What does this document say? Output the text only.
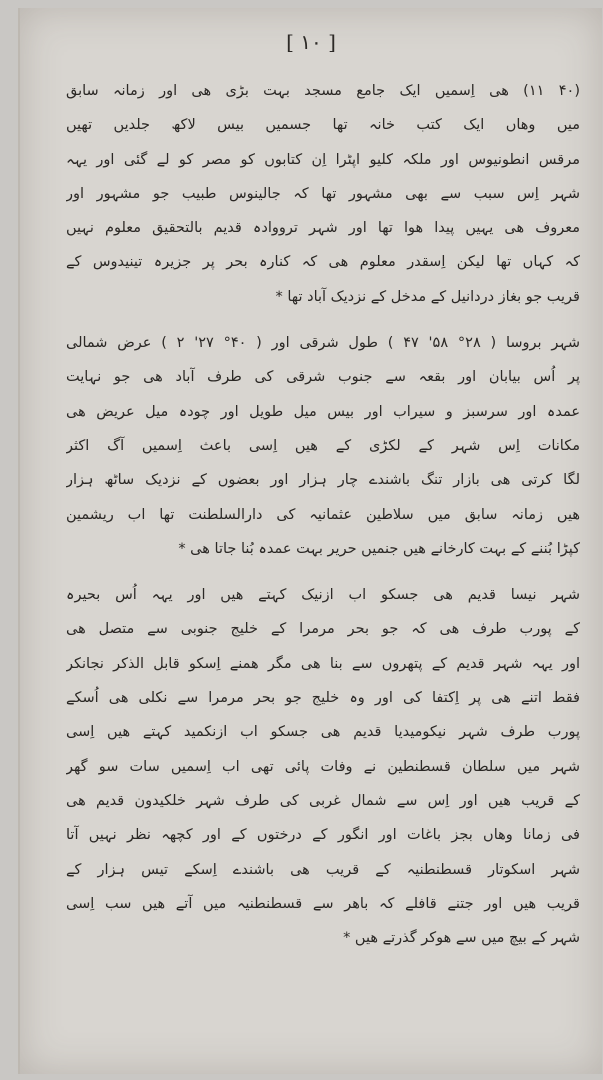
[ ۱۰ ]
(۴۰ ۱۱) ھی اِسمیں ایک جامع مسجد بہت بڑی ھی اور زمانہ سابق
میں وھاں ایک کتب خانہ تھا جسمیں بیس لاکھ جلدیں تھیں
مرقس انطونیوس اور ملکہ کلیو اپٹرا اِن کتابوں کو مصر کو لے گئی اور یہہ
شہر اِس سبب سے بھی مشہور تھا کہ جالینوس طبیب جو مشہور اور
معروف ھی یہیں پیدا ھوا تھا اور شہر ترووادہ قدیم بالتحقیق معلوم نہیں
کہ کہاں تھا لیکن اِسقدر معلوم ھی کہ کنارہ بحر پر جزیرہ تینیدوس کے
قریب جو بغاز دردانیل کے مدخل کے نزدیک آباد تھا *
شہر بروسا ( ۲۸° ۵۸' ۴۷ ) طول شرقی اور ( ۴۰° ۲۷' ۲ ) عرض شمالی
پر اُس بیابان اور بقعہ سے جنوب شرقی کی طرف آباد ھی جو نہایت
عمدہ اور سرسبز و سیراب اور بیس میل طویل اور چودہ میل عریض ھی
مکانات اِس شہر کے لکڑی کے ھیں اِسی باعث اِسمیں آگ اکثر
لگا کرتی ھی بازار تنگ باشندے چار ہزار اور بعضوں کے نزدیک ساٹھ ہزار
ھیں زمانہ سابق میں سلاطین عثمانیہ کی دارالسلطنت تھا اب ریشمین
کپڑا بُننے کے بہت کارخانے ھیں جنمیں حریر بہت عمدہ بُنا جاتا ھی *
شہر نیسا قدیم ھی جسکو اب ازنیک کہتے ھیں اور یہہ اُس بحیرہ
کے پورب طرف ھی کہ جو بحر مرمرا کے خلیج جنوبی سے متصل ھی
اور یہہ شہر قدیم کے پتھروں سے بنا ھی مگر ھمنے اِسکو قابل الذکر نجانکر
فقط اتنے ھی پر اِکتفا کی اور وہ خلیج جو بحر مرمرا سے نکلی ھی اُسکے
پورب طرف شہر نیکومیدیا قدیم ھی جسکو اب ازنکمید کہتے ھیں اِسی
شہر میں سلطان قسطنطین نے وفات پائی تھی اب اِسمیں سات سو گھر
کے قریب ھیں اور اِس سے شمال غربی کی طرف شہر خلکیدون قدیم ھی
فی زمانا وھاں بجز باغات اور انگور کے درختوں کے اور کچھہ نظر نہیں آتا
شہر اسکوتار قسطنطنیہ کے قریب ھی باشندے اِسکے تیس ہزار کے
قریب ھیں اور جتنے قافلے کہ باھر سے قسطنطنیہ میں آتے ھیں سب اِسی
شہر کے بیچ میں سے ھوکر گذرتے ھیں *
